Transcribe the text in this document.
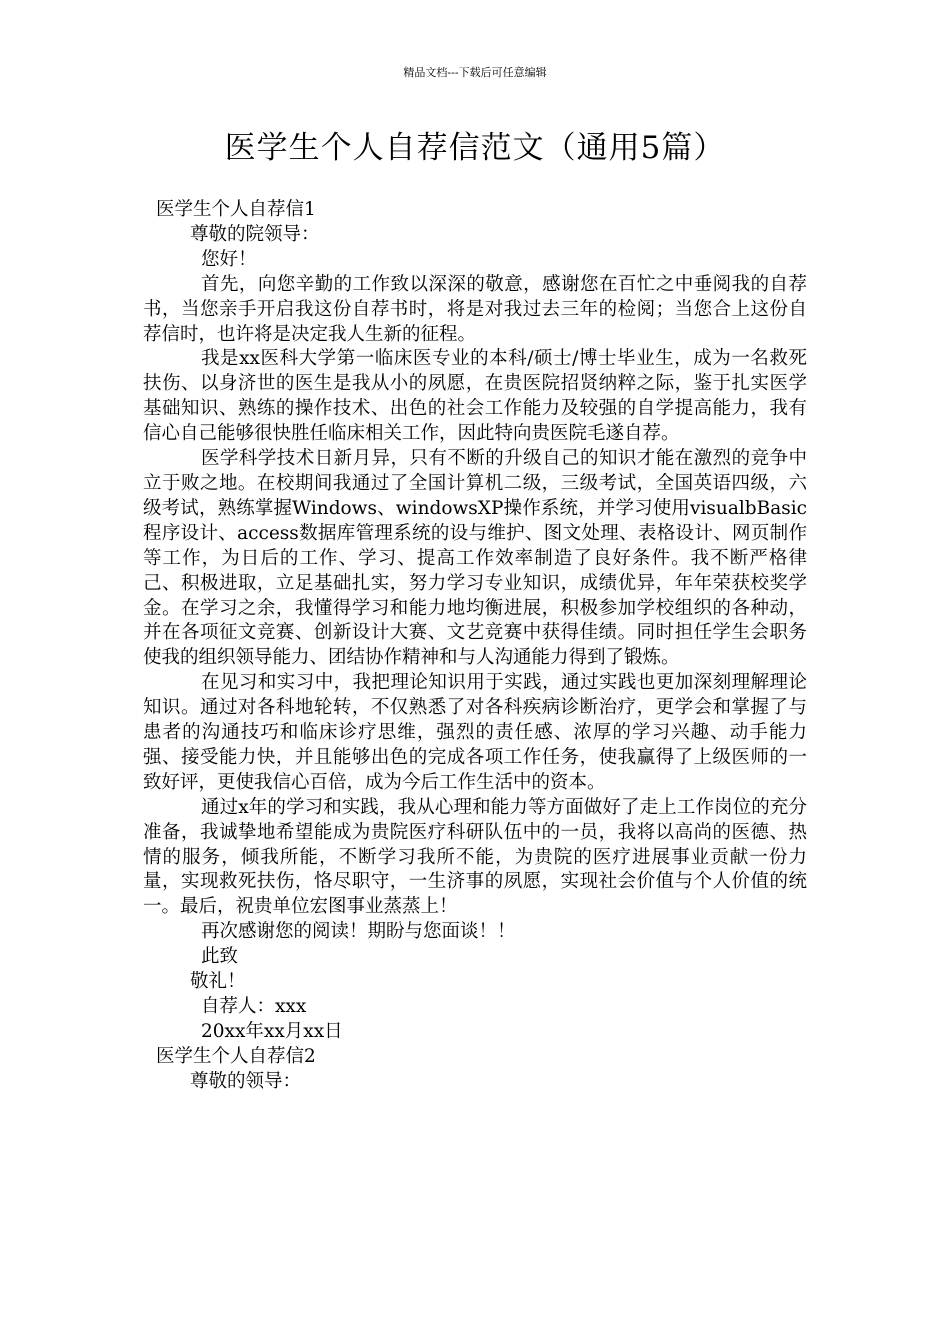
精品文档---下载后可任意编辑
医学生个人自荐信范文（通用5篇）

医学生个人自荐信1

尊敬的院领导：

您好！

首先，向您辛勤的工作致以深深的敬意，感谢您在百忙之中垂阅我的自荐书，当您亲手开启我这份自荐书时，将是对我过去三年的检阅；当您合上这份自荐信时，也许将是决定我人生新的征程。

我是xx医科大学第一临床医专业的本科/硕士/博士毕业生，成为一名救死扶伤、以身济世的医生是我从小的夙愿，在贵医院招贤纳粹之际，鉴于扎实医学基础知识、熟练的操作技术、出色的社会工作能力及较强的自学提高能力，我有信心自己能够很快胜任临床相关工作，因此特向贵医院毛遂自荐。

医学科学技术日新月异，只有不断的升级自己的知识才能在激烈的竞争中立于败之地。在校期间我通过了全国计算机二级，三级考试，全国英语四级，六级考试，熟练掌握Windows、windowsXP操作系统，并学习使用visualbBasic程序设计、access数据库管理系统的设与维护、图文处理、表格设计、网页制作等工作，为日后的工作、学习、提高工作效率制造了良好条件。我不断严格律己、积极进取，立足基础扎实，努力学习专业知识，成绩优异，年年荣获校奖学金。在学习之余，我懂得学习和能力地均衡进展，积极参加学校组织的各种动，并在各项征文竞赛、创新设计大赛、文艺竞赛中获得佳绩。同时担任学生会职务使我的组织领导能力、团结协作精神和与人沟通能力得到了锻炼。

在见习和实习中，我把理论知识用于实践，通过实践也更加深刻理解理论知识。通过对各科地轮转，不仅熟悉了对各科疾病诊断治疗，更学会和掌握了与患者的沟通技巧和临床诊疗思维，强烈的责任感、浓厚的学习兴趣、动手能力强、接受能力快，并且能够出色的完成各项工作任务，使我赢得了上级医师的一致好评，更使我信心百倍，成为今后工作生活中的资本。

通过x年的学习和实践，我从心理和能力等方面做好了走上工作岗位的充分准备，我诚挚地希望能成为贵院医疗科研队伍中的一员，我将以高尚的医德、热情的服务，倾我所能，不断学习我所不能，为贵院的医疗进展事业贡献一份力量，实现救死扶伤，恪尽职守，一生济事的夙愿，实现社会价值与个人价值的统一。最后，祝贵单位宏图事业蒸蒸上！

再次感谢您的阅读！期盼与您面谈！！

此致

敬礼！

自荐人：xxx

20xx年xx月xx日

医学生个人自荐信2

尊敬的领导：
